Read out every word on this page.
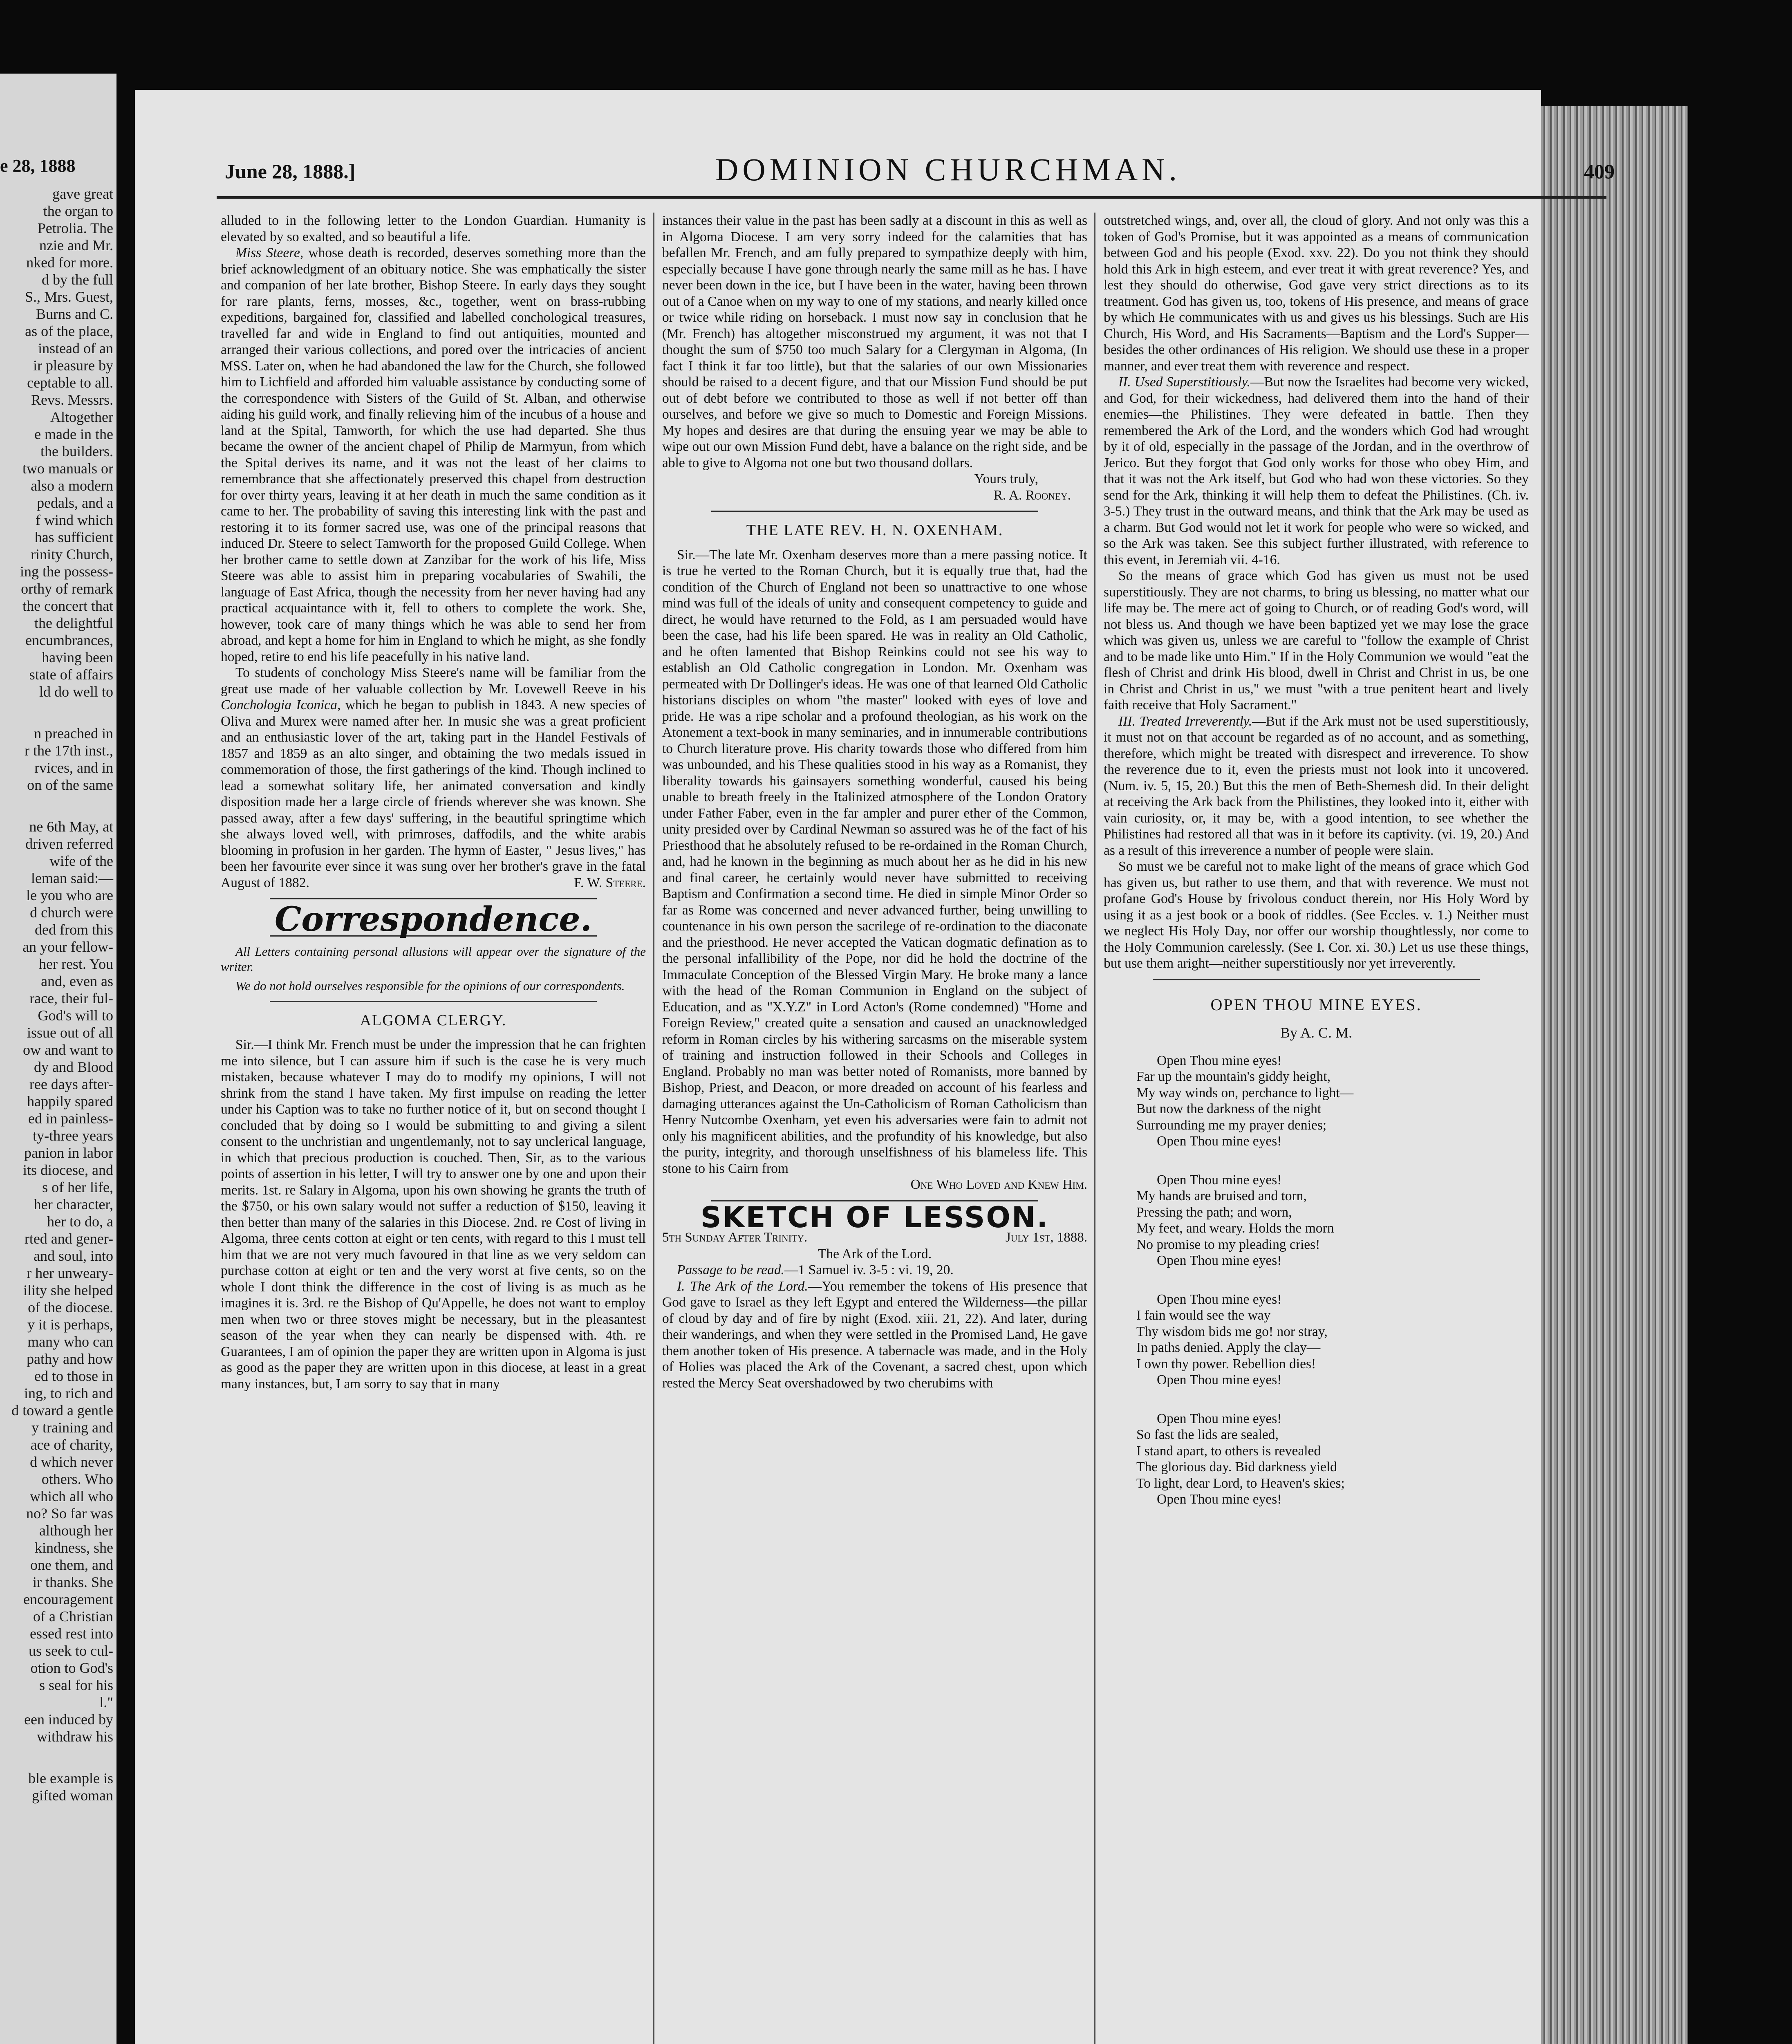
e 28, 1888
gave great
the organ to
Petrolia. The
nzie and Mr.
nked for more.
d by the full
S., Mrs. Guest,
Burns and C.
as of the place,
instead of an
ir pleasure by
ceptable to all.
Revs. Messrs.
Altogether
e made in the
the builders.
two manuals or
also a modern
pedals, and a
f wind which
has sufficient
rinity Church,
ing the possess-
orthy of remark
the concert that
the delightful
encumbrances,
having been
state of affairs
ld do well to
n preached in
r the 17th inst.,
rvices, and in
on of the same
ne 6th May, at
driven referred
wife of the
leman said:—
le you who are
d church were
ded from this
an your fellow-
her rest. You
and, even as
race, their ful-
God's will to
issue out of all
ow and want to
dy and Blood
ree days after-
happily spared
ed in painless-
ty-three years
panion in labor
its diocese, and
s of her life,
her character,
her to do, a
rted and gener-
and soul, into
r her unweary-
ility she helped
of the diocese.
y it is perhaps,
many who can
pathy and how
ed to those in
ing, to rich and
d toward a gentle
y training and
ace of charity,
d which never
others. Who
which all who
no? So far was
although her
kindness, she
one them, and
ir thanks. She
encouragement
of a Christian
essed rest into
us seek to cul-
otion to God's
s seal for his
l."
een induced by
withdraw his
ble example is
gifted woman
June 28, 1888.]	DOMINION CHURCHMAN.	409

alluded to in the following letter to the London Guardian. Humanity is elevated by so exalted, and so beautiful a life.

Miss Steere, whose death is recorded, deserves something more than the brief acknowledgment of an obituary notice. She was emphatically the sister and companion of her late brother, Bishop Steere. In early days they sought for rare plants, ferns, mosses, &c., together, went on brass-rubbing expeditions, bargained for, classified and labelled conchological treasures, travelled far and wide in England to find out antiquities, mounted and arranged their various collections, and pored over the intricacies of ancient MSS. Later on, when he had abandoned the law for the Church, she followed him to Lichfield and afforded him valuable assistance by conducting some of the correspondence with Sisters of the Guild of St. Alban, and otherwise aiding his guild work, and finally relieving him of the incubus of a house and land at the Spital, Tamworth, for which the use had departed. She thus became the owner of the ancient chapel of Philip de Marmyun, from which the Spital derives its name, and it was not the least of her claims to remembrance that she affectionately preserved this chapel from destruction for over thirty years, leaving it at her death in much the same condition as it came to her. The probability of saving this interesting link with the past and restoring it to its former sacred use, was one of the principal reasons that induced Dr. Steere to select Tamworth for the proposed Guild College. When her brother came to settle down at Zanzibar for the work of his life, Miss Steere was able to assist him in preparing vocabularies of Swahili, the language of East Africa, though the necessity from her never having had any practical acquaintance with it, fell to others to complete the work. She, however, took care of many things which he was able to send her from abroad, and kept a home for him in England to which he might, as she fondly hoped, retire to end his life peacefully in his native land.

To students of conchology Miss Steere's name will be familiar from the great use made of her valuable collection by Mr. Lovewell Reeve in his Conchologia Iconica, which he began to publish in 1843. A new species of Oliva and Murex were named after her. In music she was a great proficient and an enthusiastic lover of the art, taking part in the Handel Festivals of 1857 and 1859 as an alto singer, and obtaining the two medals issued in commemoration of those, the first gatherings of the kind. Though inclined to lead a somewhat solitary life, her animated conversation and kindly disposition made her a large circle of friends wherever she was known. She passed away, after a few days' suffering, in the beautiful springtime which she always loved well, with primroses, daffodils, and the white arabis blooming in profusion in her garden. The hymn of Easter, " Jesus lives," has been her favourite ever since it was sung over her brother's grave in the fatal August of 1882.	F. W. Steere.

Correspondence.

All Letters containing personal allusions will appear over the signature of the writer.

We do not hold ourselves responsible for the opinions of our correspondents.

ALGOMA CLERGY.

Sir.—I think Mr. French must be under the impression that he can frighten me into silence, but I can assure him if such is the case he is very much mistaken, because whatever I may do to modify my opinions, I will not shrink from the stand I have taken. My first impulse on reading the letter under his Caption was to take no further notice of it, but on second thought I concluded that by doing so I would be submitting to and giving a silent consent to the unchristian and ungentlemanly, not to say unclerical language, in which that precious production is couched. Then, Sir, as to the various points of assertion in his letter, I will try to answer one by one and upon their merits. 1st. re Salary in Algoma, upon his own showing he grants the truth of the $750, or his own salary would not suffer a reduction of $150, leaving it then better than many of the salaries in this Diocese. 2nd. re Cost of living in Algoma, three cents cotton at eight or ten cents, with regard to this I must tell him that we are not very much favoured in that line as we very seldom can purchase cotton at eight or ten and the very worst at five cents, so on the whole I dont think the difference in the cost of living is as much as he imagines it is. 3rd. re the Bishop of Qu'Appelle, he does not want to employ men when two or three stoves might be necessary, but in the pleasantest season of the year when they can nearly be dispensed with. 4th. re Guarantees, I am of opinion the paper they are written upon in Algoma is just as good as the paper they are written upon in this diocese, at least in a great many instances, but, I am sorry to say that in many

instances their value in the past has been sadly at a discount in this as well as in Algoma Diocese. I am very sorry indeed for the calamities that has befallen Mr. French, and am fully prepared to sympathize deeply with him, especially because I have gone through nearly the same mill as he has. I have never been down in the ice, but I have been in the water, having been thrown out of a Canoe when on my way to one of my stations, and nearly killed once or twice while riding on horseback. I must now say in conclusion that he (Mr. French) has altogether misconstrued my argument, it was not that I thought the sum of $750 too much Salary for a Clergyman in Algoma, (In fact I think it far too little), but that the salaries of our own Missionaries should be raised to a decent figure, and that our Mission Fund should be put out of debt before we contributed to those as well if not better off than ourselves, and before we give so much to Domestic and Foreign Missions. My hopes and desires are that during the ensuing year we may be able to wipe out our own Mission Fund debt, have a balance on the right side, and be able to give to Algoma not one but two thousand dollars.

Yours truly,

R. A. Rooney.

THE LATE REV. H. N. OXENHAM.

Sir.—The late Mr. Oxenham deserves more than a mere passing notice. It is true he verted to the Roman Church, but it is equally true that, had the condition of the Church of England not been so unattractive to one whose mind was full of the ideals of unity and consequent competency to guide and direct, he would have returned to the Fold, as I am persuaded would have been the case, had his life been spared. He was in reality an Old Catholic, and he often lamented that Bishop Reinkins could not see his way to establish an Old Catholic congregation in London. Mr. Oxenham was permeated with Dr Dollinger's ideas. He was one of that learned Old Catholic historians disciples on whom "the master" looked with eyes of love and pride. He was a ripe scholar and a profound theologian, as his work on the Atonement a text-book in many seminaries, and in innumerable contributions to Church literature prove. His charity towards those who differed from him was unbounded, and his These qualities stood in his way as a Romanist, they liberality towards his gainsayers something wonderful, caused his being unable to breath freely in the Italinized atmosphere of the London Oratory under Father Faber, even in the far ampler and purer ether of the Common, unity presided over by Cardinal Newman so assured was he of the fact of his Priesthood that he absolutely refused to be re-ordained in the Roman Church, and, had he known in the beginning as much about her as he did in his new and final career, he certainly would never have submitted to receiving Baptism and Confirmation a second time. He died in simple Minor Order so far as Rome was concerned and never advanced further, being unwilling to countenance in his own person the sacrilege of re-ordination to the diaconate and the priesthood. He never accepted the Vatican dogmatic defination as to the personal infallibility of the Pope, nor did he hold the doctrine of the Immaculate Conception of the Blessed Virgin Mary. He broke many a lance with the head of the Roman Communion in England on the subject of Education, and as "X.Y.Z" in Lord Acton's (Rome condemned) "Home and Foreign Review," created quite a sensation and caused an unacknowledged reform in Roman circles by his withering sarcasms on the miserable system of training and instruction followed in their Schools and Colleges in England. Probably no man was better noted of Romanists, more banned by Bishop, Priest, and Deacon, or more dreaded on account of his fearless and damaging utterances against the Un-Catholicism of Roman Catholicism than Henry Nutcombe Oxenham, yet even his adversaries were fain to admit not only his magnificent abilities, and the profundity of his knowledge, but also the purity, integrity, and thorough unselfishness of his blameless life. This stone to his Cairn from

One Who Loved and Knew Him.

SKETCH OF LESSON.
5th Sunday After Trinity.	July 1st, 1888.

The Ark of the Lord.

Passage to be read.—1 Samuel iv. 3-5 : vi. 19, 20.

I. The Ark of the Lord.—You remember the tokens of His presence that God gave to Israel as they left Egypt and entered the Wilderness—the pillar of cloud by day and of fire by night (Exod. xiii. 21, 22). And later, during their wanderings, and when they were settled in the Promised Land, He gave them another token of His presence. A tabernacle was made, and in the Holy of Holies was placed the Ark of the Covenant, a sacred chest, upon which rested the Mercy Seat overshadowed by two cherubims with

outstretched wings, and, over all, the cloud of glory. And not only was this a token of God's Promise, but it was appointed as a means of communication between God and his people (Exod. xxv. 22). Do you not think they should hold this Ark in high esteem, and ever treat it with great reverence? Yes, and lest they should do otherwise, God gave very strict directions as to its treatment. God has given us, too, tokens of His presence, and means of grace by which He communicates with us and gives us his blessings. Such are His Church, His Word, and His Sacraments—Baptism and the Lord's Supper—besides the other ordinances of His religion. We should use these in a proper manner, and ever treat them with reverence and respect.

II. Used Superstitiously.—But now the Israelites had become very wicked, and God, for their wickedness, had delivered them into the hand of their enemies—the Philistines. They were defeated in battle. Then they remembered the Ark of the Lord, and the wonders which God had wrought by it of old, especially in the passage of the Jordan, and in the overthrow of Jerico. But they forgot that God only works for those who obey Him, and that it was not the Ark itself, but God who had won these victories. So they send for the Ark, thinking it will help them to defeat the Philistines. (Ch. iv. 3-5.) They trust in the outward means, and think that the Ark may be used as a charm. But God would not let it work for people who were so wicked, and so the Ark was taken. See this subject further illustrated, with reference to this event, in Jeremiah vii. 4-16.

So the means of grace which God has given us must not be used superstitiously. They are not charms, to bring us blessing, no matter what our life may be. The mere act of going to Church, or of reading God's word, will not bless us. And though we have been baptized yet we may lose the grace which was given us, unless we are careful to "follow the example of Christ and to be made like unto Him." If in the Holy Communion we would "eat the flesh of Christ and drink His blood, dwell in Christ and Christ in us, be one in Christ and Christ in us," we must "with a true penitent heart and lively faith receive that Holy Sacrament."

III. Treated Irreverently.—But if the Ark must not be used superstitiously, it must not on that account be regarded as of no account, and as something, therefore, which might be treated with disrespect and irreverence. To show the reverence due to it, even the priests must not look into it uncovered. (Num. iv. 5, 15, 20.) But this the men of Beth-Shemesh did. In their delight at receiving the Ark back from the Philistines, they looked into it, either with vain curiosity, or, it may be, with a good intention, to see whether the Philistines had restored all that was in it before its captivity. (vi. 19, 20.) And as a result of this irreverence a number of people were slain.

So must we be careful not to make light of the means of grace which God has given us, but rather to use them, and that with reverence. We must not profane God's House by frivolous conduct therein, nor His Holy Word by using it as a jest book or a book of riddles. (See Eccles. v. 1.) Neither must we neglect His Holy Day, nor offer our worship thoughtlessly, nor come to the Holy Communion carelessly. (See I. Cor. xi. 30.) Let us use these things, but use them aright—neither superstitiously nor yet irreverently.

OPEN THOU MINE EYES.
By A. C. M.
Open Thou mine eyes!
Far up the mountain's giddy height,
My way winds on, perchance to light—
But now the darkness of the night
Surrounding me my prayer denies;
Open Thou mine eyes!
Open Thou mine eyes!
My hands are bruised and torn,
Pressing the path; and worn,
My feet, and weary. Holds the morn
No promise to my pleading cries!
Open Thou mine eyes!
Open Thou mine eyes!
I fain would see the way
Thy wisdom bids me go! nor stray,
In paths denied. Apply the clay—
I own thy power. Rebellion dies!
Open Thou mine eyes!
Open Thou mine eyes!
So fast the lids are sealed,
I stand apart, to others is revealed
The glorious day. Bid darkness yield
To light, dear Lord, to Heaven's skies;
Open Thou mine eyes!
